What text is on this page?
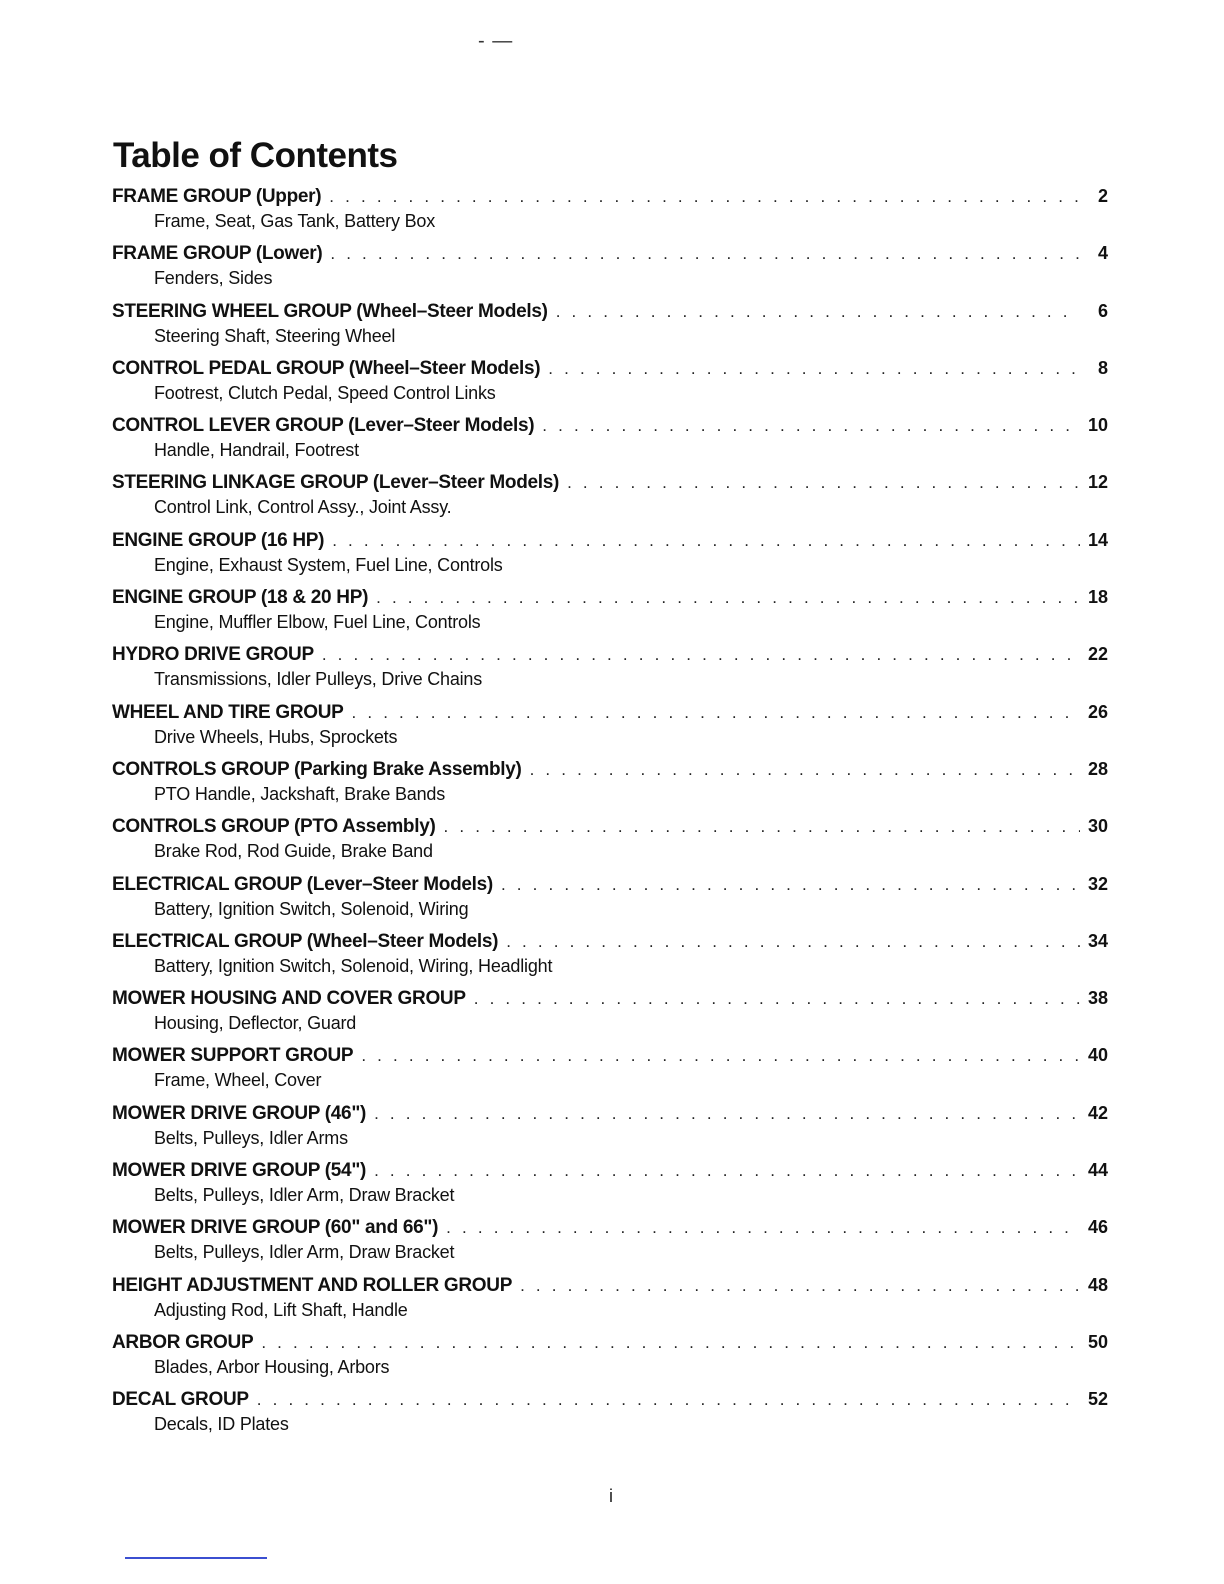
- —
Table of Contents
FRAME GROUP (Upper) . . .	2
Frame, Seat, Gas Tank, Battery Box
FRAME GROUP (Lower) . . .	4
Fenders, Sides
STEERING WHEEL GROUP (Wheel–Steer Models) . . .	6
Steering Shaft, Steering Wheel
CONTROL PEDAL GROUP (Wheel–Steer Models) . . .	8
Footrest, Clutch Pedal, Speed Control Links
CONTROL LEVER GROUP (Lever–Steer Models) . . .	10
Handle, Handrail, Footrest
STEERING LINKAGE GROUP (Lever–Steer Models) . . .	12
Control Link, Control Assy., Joint Assy.
ENGINE GROUP (16 HP) . . .	14
Engine, Exhaust System, Fuel Line, Controls
ENGINE GROUP (18 & 20 HP) . . .	18
Engine, Muffler Elbow, Fuel Line, Controls
HYDRO DRIVE GROUP . . .	22
Transmissions, Idler Pulleys, Drive Chains
WHEEL AND TIRE GROUP . . .	26
Drive Wheels, Hubs, Sprockets
CONTROLS GROUP (Parking Brake Assembly) . . .	28
PTO Handle, Jackshaft, Brake Bands
CONTROLS GROUP (PTO Assembly) . . .	30
Brake Rod, Rod Guide, Brake Band
ELECTRICAL GROUP (Lever–Steer Models) . . .	32
Battery, Ignition Switch, Solenoid, Wiring
ELECTRICAL GROUP (Wheel–Steer Models) . . .	34
Battery, Ignition Switch, Solenoid, Wiring, Headlight
MOWER HOUSING AND COVER GROUP . . .	38
Housing, Deflector, Guard
MOWER SUPPORT GROUP . . .	40
Frame, Wheel, Cover
MOWER DRIVE GROUP (46") . . .	42
Belts, Pulleys, Idler Arms
MOWER DRIVE GROUP (54") . . .	44
Belts, Pulleys, Idler Arm, Draw Bracket
MOWER DRIVE GROUP (60" and 66") . . .	46
Belts, Pulleys, Idler Arm, Draw Bracket
HEIGHT ADJUSTMENT AND ROLLER GROUP . . .	48
Adjusting Rod, Lift Shaft, Handle
ARBOR GROUP . . .	50
Blades, Arbor Housing, Arbors
DECAL GROUP . . .	52
Decals, ID Plates
i
